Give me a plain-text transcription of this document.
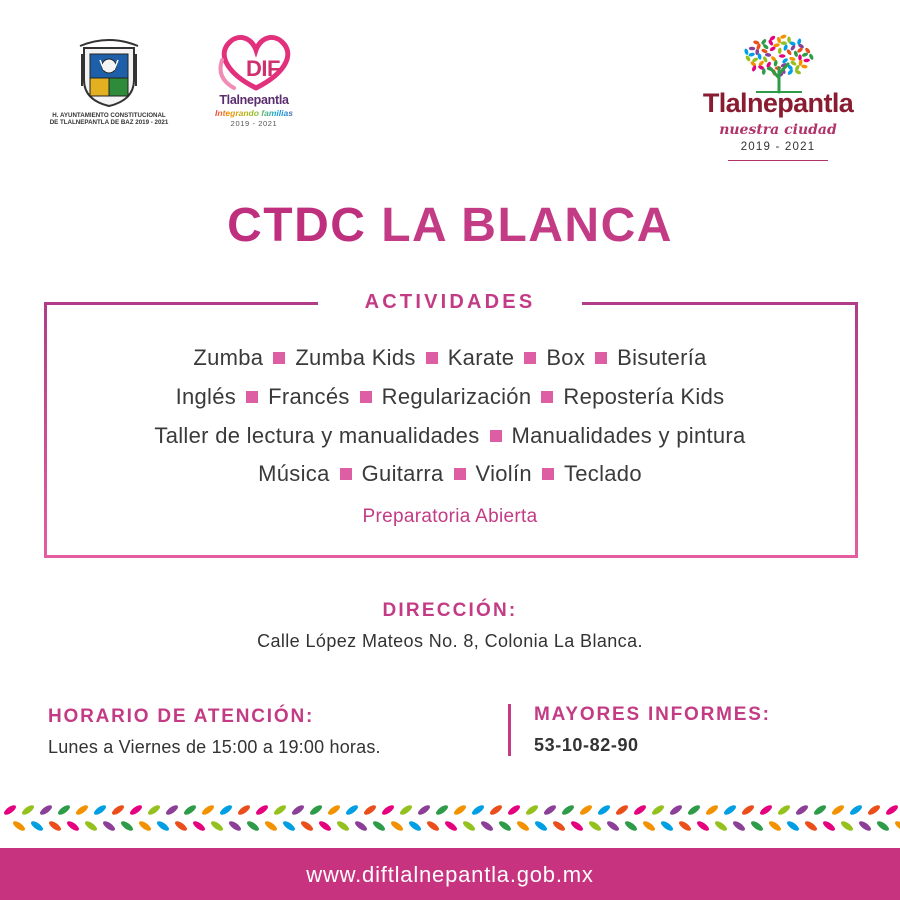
H. AYUNTAMIENTO CONSTITUCIONAL
DE TLALNEPANTLA DE BAZ 2019 - 2021
DIF
Tlalnepantla
Integrando familias
2019 - 2021
Tlalnepantla
nuestra ciudad
2019 - 2021
CTDC LA BLANCA
ACTIVIDADES
Zumba Zumba Kids Karate Box Bisutería
Inglés Francés Regularización Repostería Kids
Taller de lectura y manualidades Manualidades y pintura
Música Guitarra Violín Teclado
Preparatoria Abierta
DIRECCIÓN:
Calle López Mateos No. 8, Colonia La Blanca.
HORARIO DE ATENCIÓN:
Lunes a Viernes de 15:00 a 19:00 horas.
MAYORES INFORMES:
53-10-82-90
www.diftlalnepantla.gob.mx
